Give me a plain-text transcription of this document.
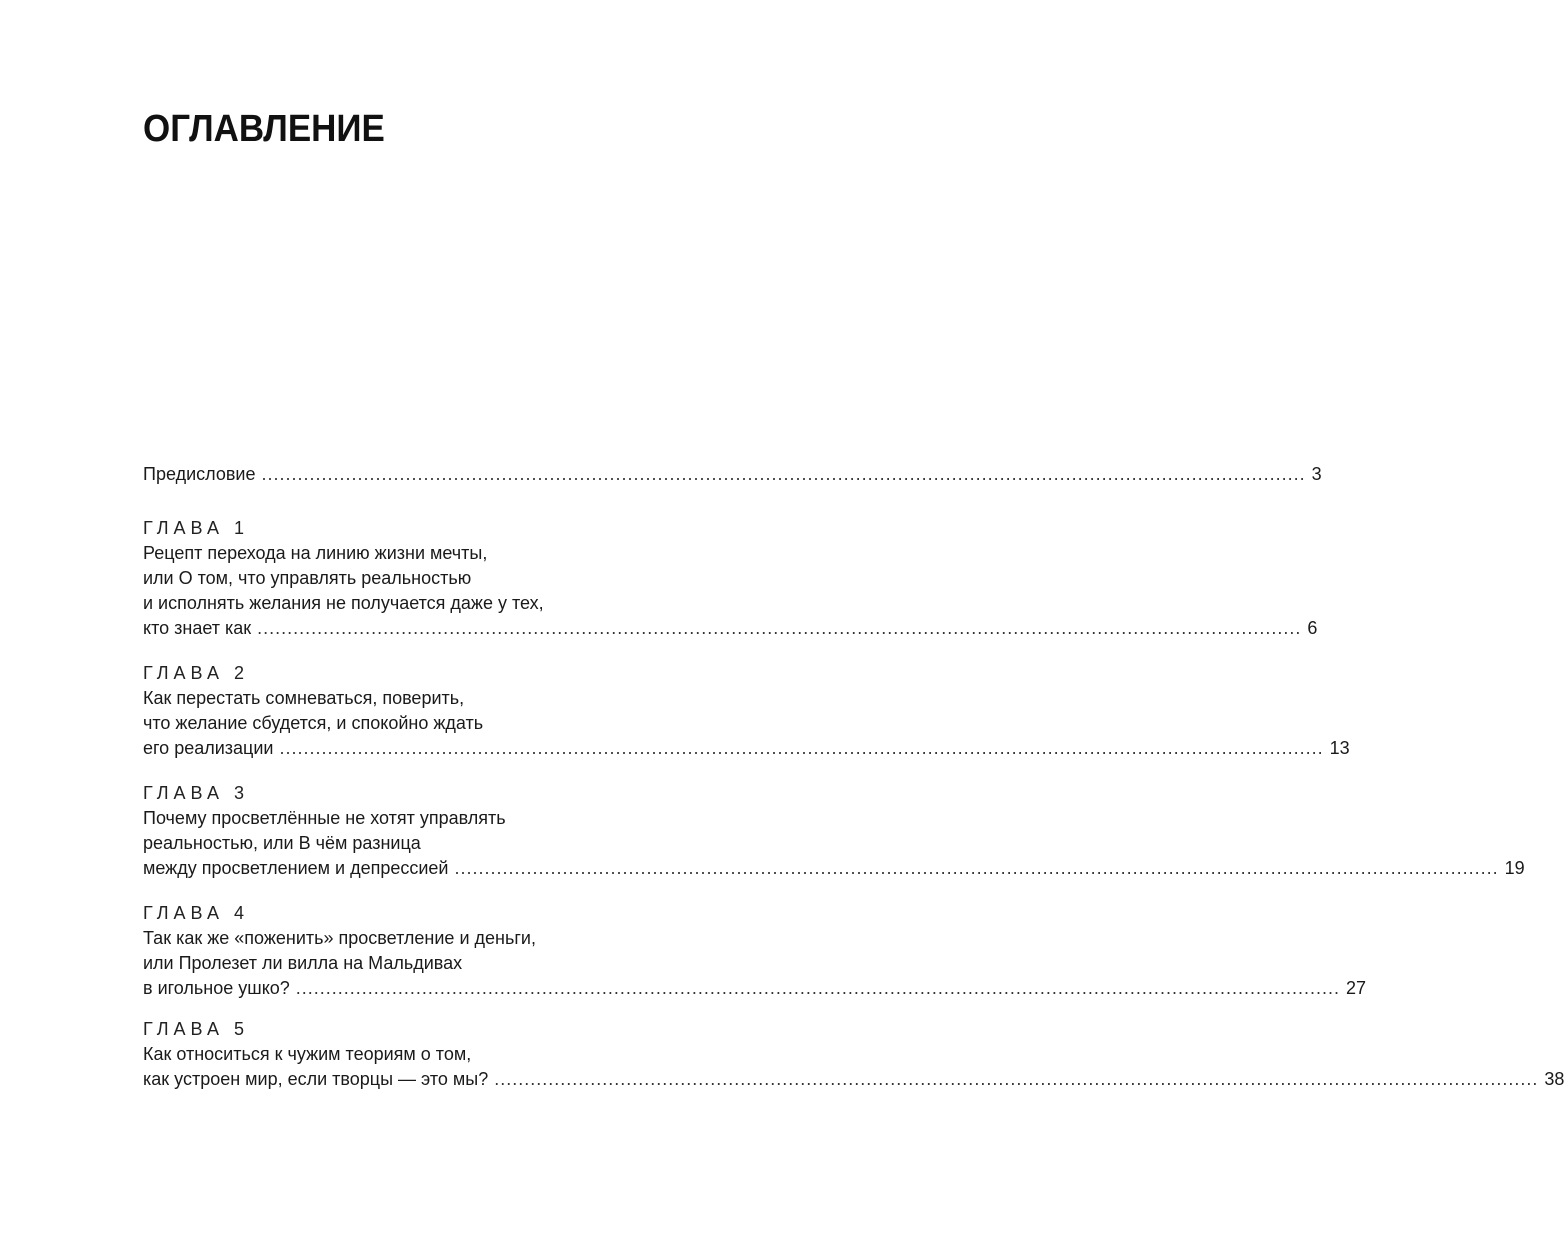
ОГЛАВЛЕНИЕ
Предисловие .............................................................................................................................................................................. 3
ГЛАВА 1
Рецепт перехода на линию жизни мечты,
или О том, что управлять реальностью
и исполнять желания не получается даже у тех,
кто знает как .............................................................................................................................................................................. 6
ГЛАВА 2
Как перестать сомневаться, поверить,
что желание сбудется, и спокойно ждать
его реализации .............................................................................................................................................................................. 13
ГЛАВА 3
Почему просветлённые не хотят управлять
реальностью, или В чём разница
между просветлением и депрессией .............................................................................................................................................................................. 19
ГЛАВА 4
Так как же «поженить» просветление и деньги,
или Пролезет ли вилла на Мальдивах
в игольное ушко? .............................................................................................................................................................................. 27
ГЛАВА 5
Как относиться к чужим теориям о том,
как устроен мир, если творцы — это мы? .............................................................................................................................................................................. 38
